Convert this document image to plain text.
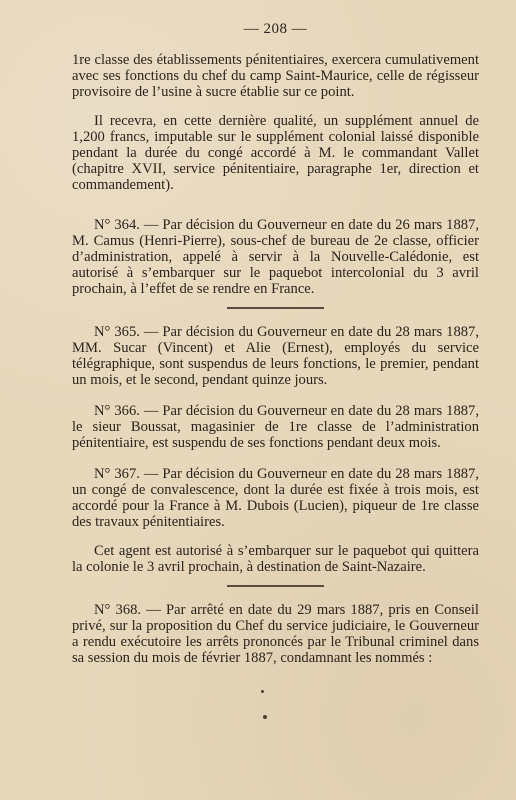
— 208 —

1re classe des établissements pénitentiaires, exercera cumulativement avec ses fonctions du chef du camp Saint-Maurice, celle de régisseur provisoire de l’usine à sucre établie sur ce point.

Il recevra, en cette dernière qualité, un supplément annuel de 1,200 francs, imputable sur le supplément colonial laissé disponible pendant la durée du congé accordé à M. le commandant Vallet (chapitre XVII, service pénitentiaire, paragraphe 1er, direction et commandement).

N° 364. — Par décision du Gouverneur en date du 26 mars 1887, M. Camus (Henri-Pierre), sous-chef de bureau de 2e classe, officier d’administration, appelé à servir à la Nouvelle-Calédonie, est autorisé à s’embarquer sur le paquebot intercolonial du 3 avril prochain, à l’effet de se rendre en France.

N° 365. — Par décision du Gouverneur en date du 28 mars 1887, MM. Sucar (Vincent) et Alie (Ernest), employés du service télégraphique, sont suspendus de leurs fonctions, le premier, pendant un mois, et le second, pendant quinze jours.

N° 366. — Par décision du Gouverneur en date du 28 mars 1887, le sieur Boussat, magasinier de 1re classe de l’administration pénitentiaire, est suspendu de ses fonctions pendant deux mois.

N° 367. — Par décision du Gouverneur en date du 28 mars 1887, un congé de convalescence, dont la durée est fixée à trois mois, est accordé pour la France à M. Dubois (Lucien), piqueur de 1re classe des travaux pénitentiaires.

Cet agent est autorisé à s’embarquer sur le paquebot qui quittera la colonie le 3 avril prochain, à destination de Saint-Nazaire.

N° 368. — Par arrêté en date du 29 mars 1887, pris en Conseil privé, sur la proposition du Chef du service judiciaire, le Gouverneur a rendu exécutoire les arrêts prononcés par le Tribunal criminel dans sa session du mois de février 1887, condamnant les nommés :
